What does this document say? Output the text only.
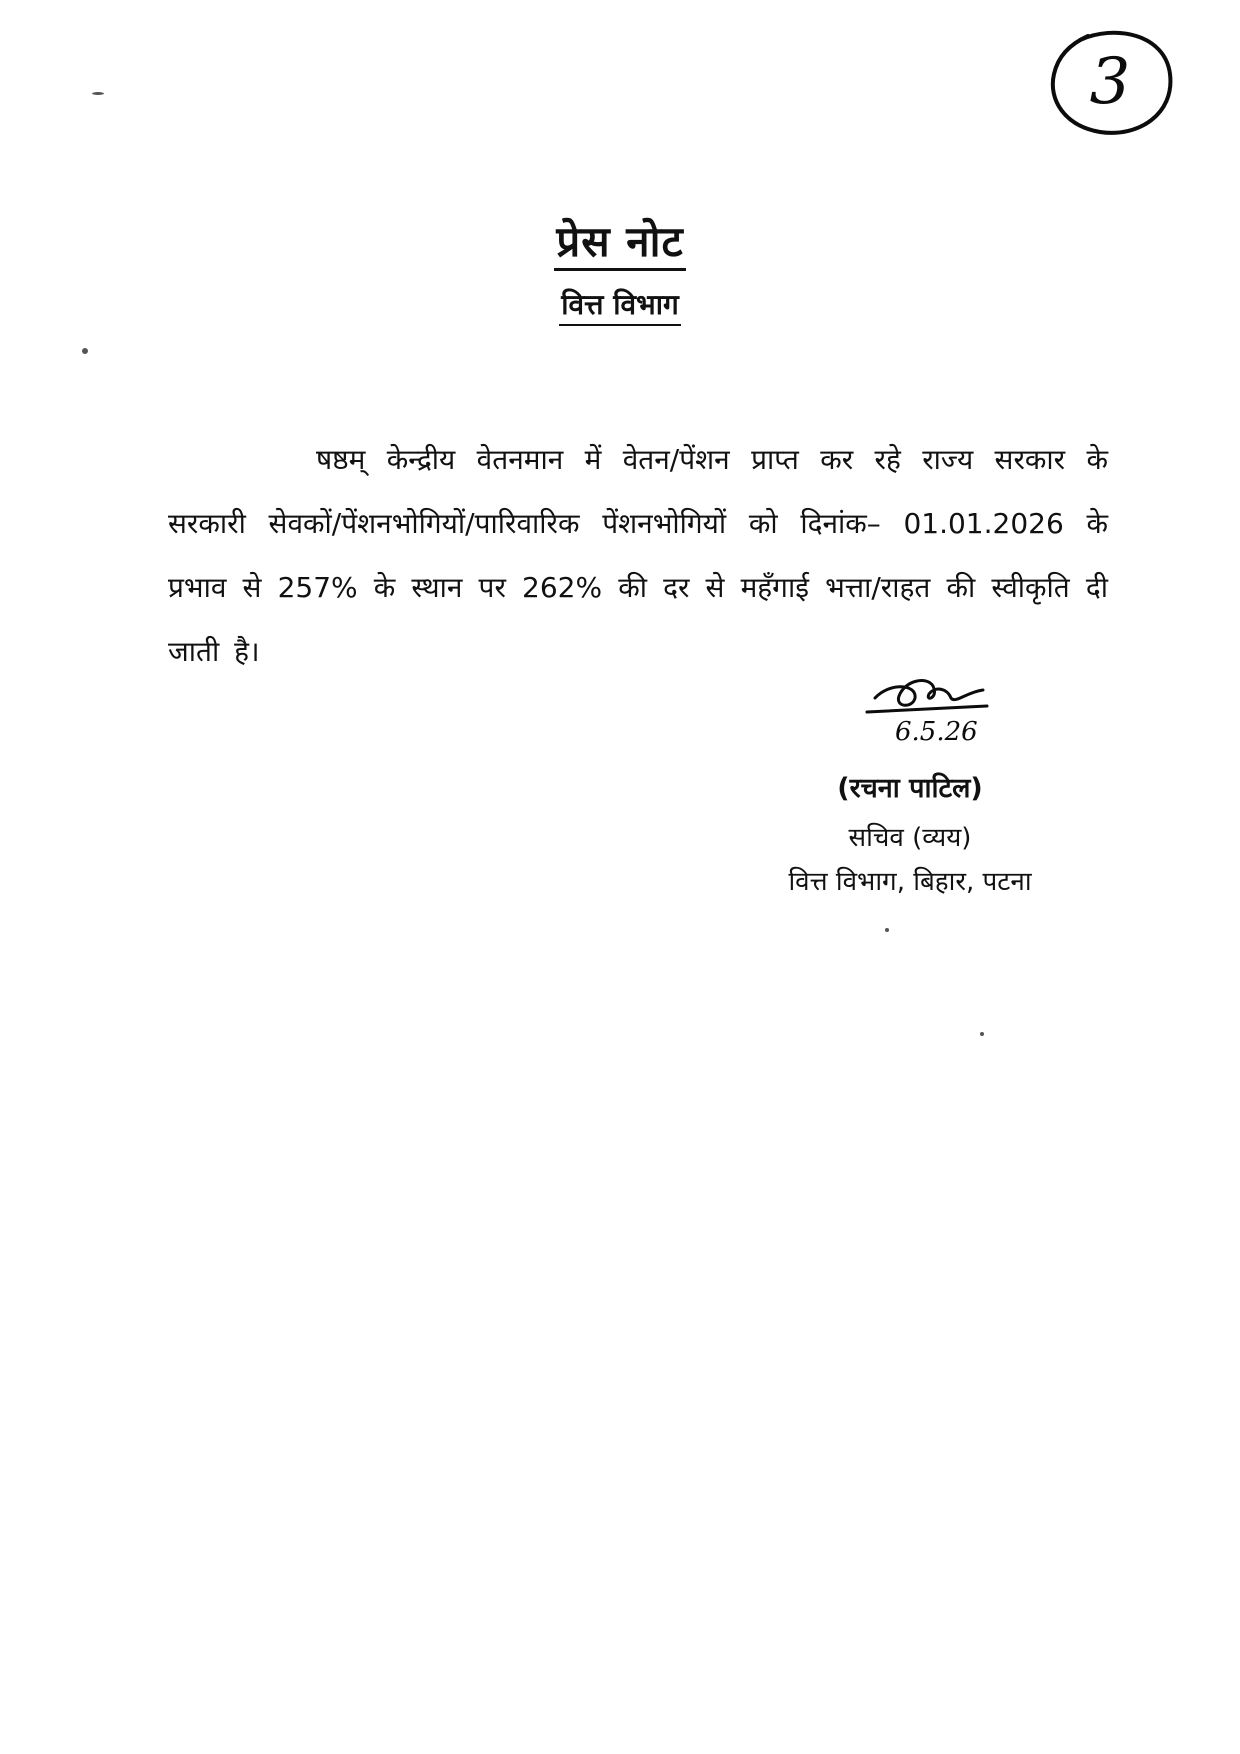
3
प्रेस नोट
वित्त विभाग

षष्ठम् केन्द्रीय वेतनमान में वेतन/पेंशन प्राप्त कर रहे राज्य सरकार के सरकारी सेवकों/पेंशनभोगियों/पारिवारिक पेंशनभोगियों को दिनांक– 01.01.2026 के प्रभाव से 257% के स्थान पर 262% की दर से महँगाई भत्ता/राहत की स्वीकृति दी जाती है।

6.5.26
(रचना पाटिल)
सचिव (व्यय)
वित्त विभाग, बिहार, पटना
